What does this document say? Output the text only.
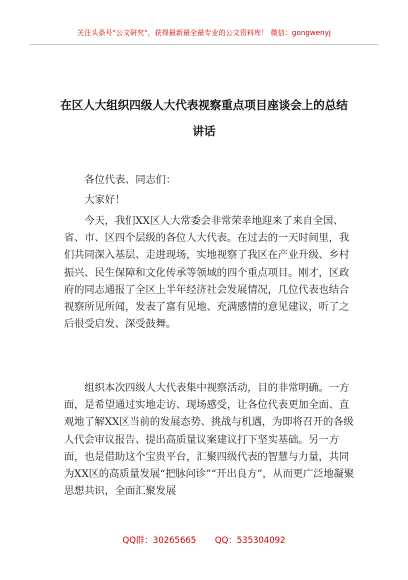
关注头条号"公文研究"，获得最新最全最专业的公文资料库！ 微信：gongwenyj
在区人大组织四级人大代表视察重点项目座谈会上的总结
讲话

各位代表、同志们：

大家好！

今天，我们XX区人大常委会非常荣幸地迎来了来自全国、省、市、区四个层级的各位人大代表。在过去的一天时间里，我们共同深入基层、走进现场，实地视察了我区在产业升级、乡村振兴、民生保障和文化传承等领域的四个重点项目。刚才，区政府的同志通报了全区上半年经济社会发展情况，几位代表也结合视察所见所闻，发表了富有见地、充满感情的意见建议，听了之后很受启发、深受鼓舞。

组织本次四级人大代表集中视察活动，目的非常明确。一方面，是希望通过实地走访、现场感受，让各位代表更加全面、直观地了解XX区当前的发展态势、挑战与机遇，为即将召开的各级人代会审议报告、提出高质量议案建议打下坚实基础。另一方面，也是借助这个宝贵平台，汇聚四级代表的智慧与力量，共同为XX区的高质量发展“把脉问诊”“开出良方”，从而更广泛地凝聚思想共识，全面汇聚发展

QQ群：30265665 QQ：535304092
